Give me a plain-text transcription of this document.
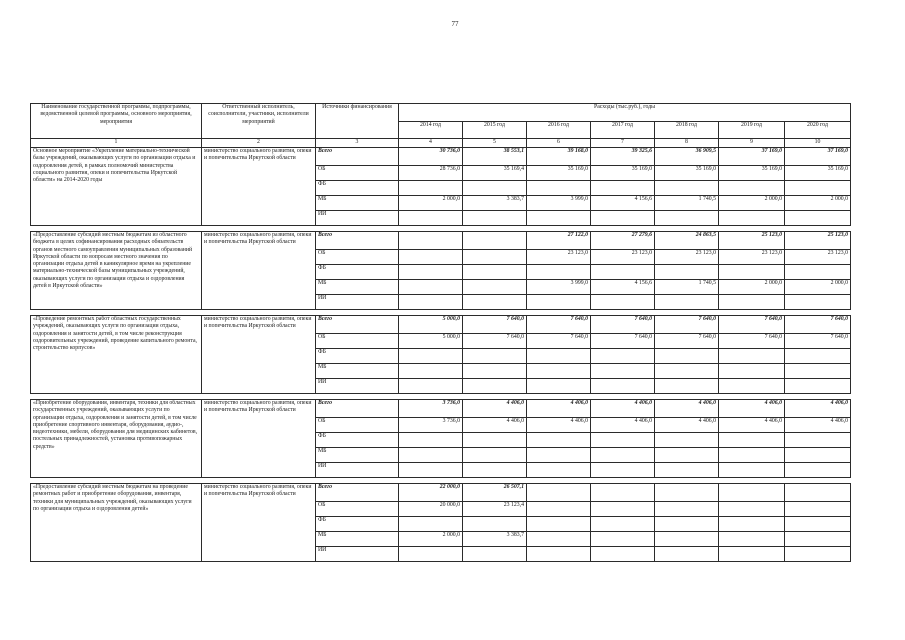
77
Наименование государственной программы, подпрограммы, ведомственной целевой программы, основного мероприятия, мероприятия	Ответственный исполнитель, соисполнители, участники, исполнители мероприятий	Источники финансирования	Расходы (тыс.руб.), годы						
			2014 год	2015 год	2016 год	2017 год	2018 год	2019 год	2020 год
1	2	3	4	5	6	7	8	9	10
Основное мероприятие «Укрепление материально-технической базы учреждений, оказывающих услуги по организации отдыха и оздоровления детей, в рамках полномочий министерства социального развития, опеки и попечительства Иркутской области» на 2014-2020 годы	министерство социального развития, опеки и попечительства Иркутской области	Всего	30 736,0	38 553,1	39 168,0	39 325,6	36 909,5	37 169,0	37 169,0
		ОБ	28 736,0	35 169,4	35 169,0	35 169,0	35 169,0	35 169,0	35 169,0
		ФБ							
		МБ	2 000,0	3 383,7	3 999,0	4 156,6	1 740,5	2 000,0	2 000,0
		ИИ							

«Предоставление субсидий местным бюджетам из областного бюджета в целях софинансирования расходных обязательств органов местного самоуправления муниципальных образований Иркутской области по вопросам местного значения по организации отдыха детей в каникулярное время на укрепление материально-технической базы муниципальных учреждений, оказывающих услуги по организации отдыха и оздоровления детей в Иркутской области»	министерство социального развития, опеки и попечительства Иркутской области	Всего			27 122,0	27 279,6	24 863,5	25 123,0	25 123,0
		ОБ			23 123,0	23 123,0	23 123,0	23 123,0	23 123,0
		ФБ							
		МБ			3 999,0	4 156,6	1 740,5	2 000,0	2 000,0
		ИИ							

«Проведение ремонтных работ областных государственных учреждений, оказывающих услуги по организации отдыха, оздоровления и занятости детей, в том числе реконструкция оздоровительных учреждений, проведение капитального ремонта, строительство корпусов»	министерство социального развития, опеки и попечительства Иркутской области	Всего	5 000,0	7 640,0	7 640,0	7 640,0	7 640,0	7 640,0	7 640,0
		ОБ	5 000,0	7 640,0	7 640,0	7 640,0	7 640,0	7 640,0	7 640,0
		ФБ							
		МБ							
		ИИ							

«Приобретение оборудования, инвентаря, техники для областных государственных учреждений, оказывающих услуги по организации отдыха, оздоровления и занятости детей, в том числе приобретение спортивного инвентаря, оборудования, аудио-, видеотехники, мебели, оборудования для медицинских кабинетов, постельных принадлежностей, установка противопожарных средств»	министерство социального развития, опеки и попечительства Иркутской области	Всего	3 736,0	4 406,0	4 406,0	4 406,0	4 406,0	4 406,0	4 406,0
		ОБ	3 736,0	4 406,0	4 406,0	4 406,0	4 406,0	4 406,0	4 406,0
		ФБ							
		МБ							
		ИИ							

«Предоставление субсидий местным бюджетам на проведение ремонтных работ и приобретение оборудования, инвентаря, техники для муниципальных учреждений, оказывающих услуги по организации отдыха и оздоровления детей»	министерство социального развития, опеки и попечительства Иркутской области	Всего	22 000,0	26 507,1					
		ОБ	20 000,0	23 123,4					
		ФБ							
		МБ	2 000,0	3 383,7					
		ИИ							
